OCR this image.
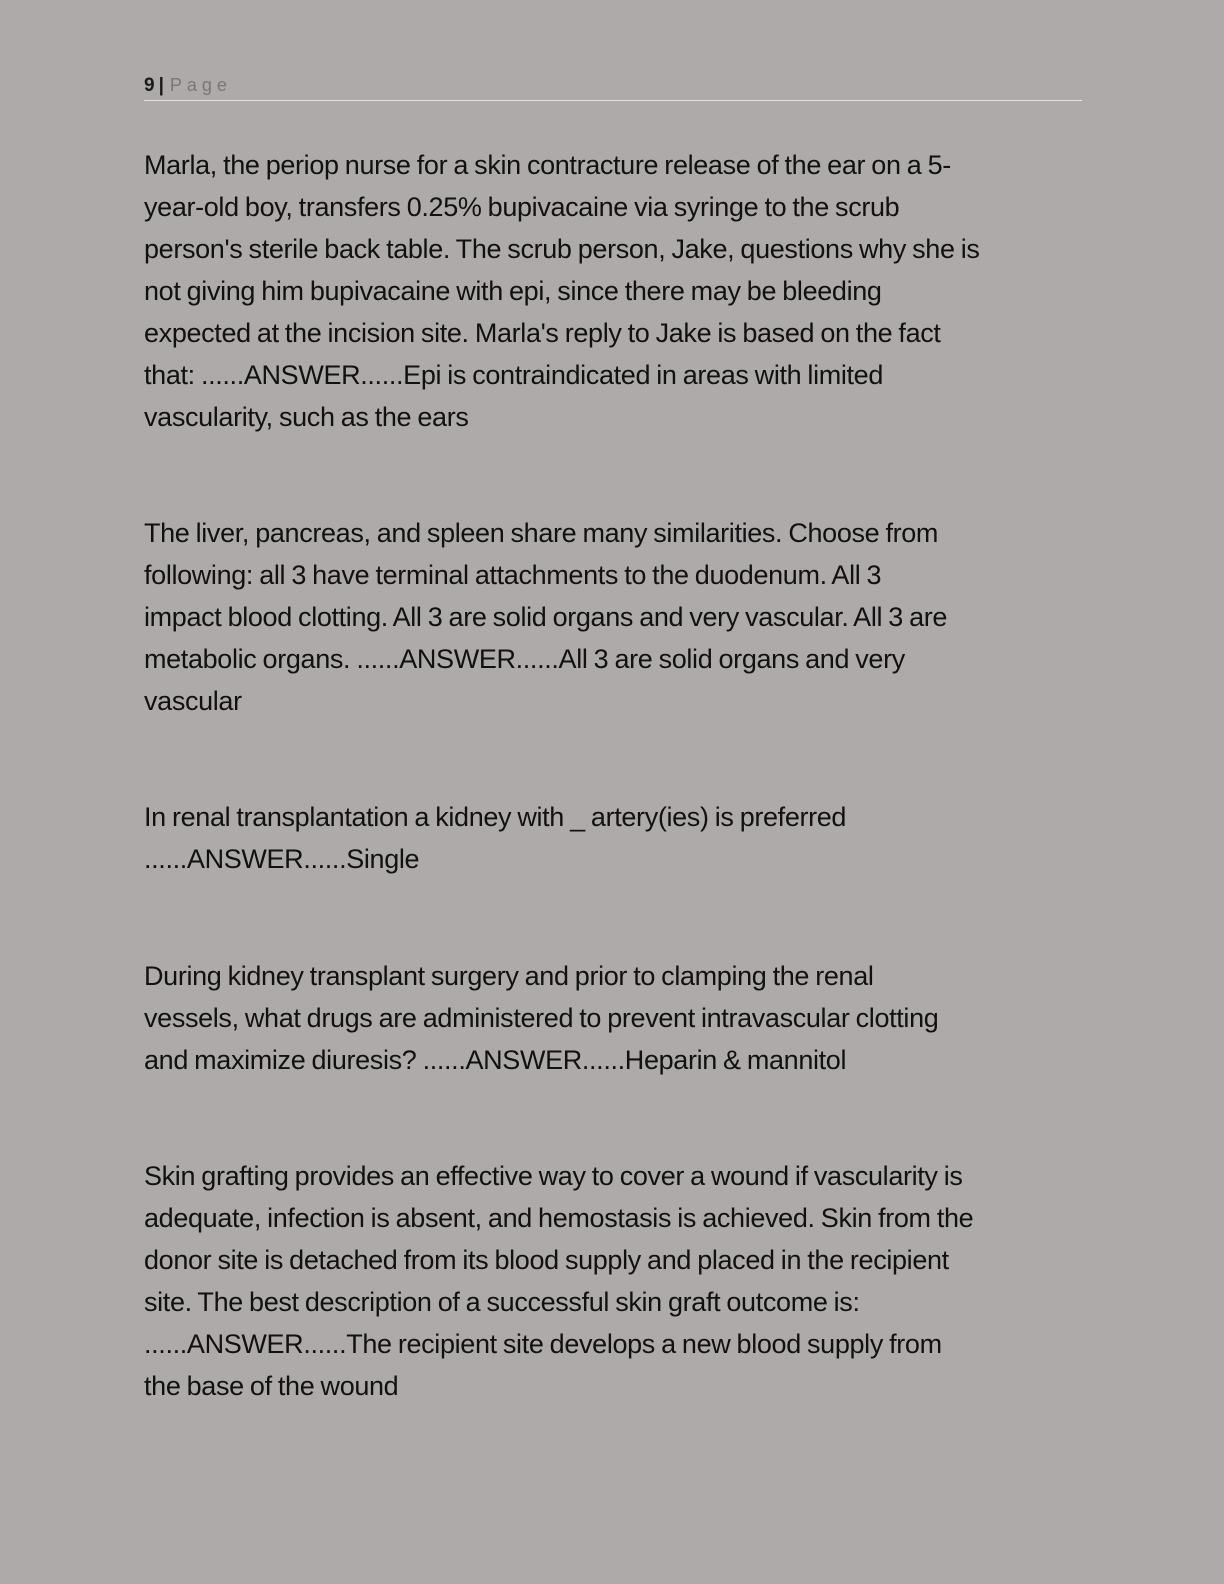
9 | Page

Marla, the periop nurse for a skin contracture release of the ear on a 5-
year-old boy, transfers 0.25% bupivacaine via syringe to the scrub
person's sterile back table. The scrub person, Jake, questions why she is
not giving him bupivacaine with epi, since there may be bleeding
expected at the incision site. Marla's reply to Jake is based on the fact
that: ......ANSWER......Epi is contraindicated in areas with limited
vascularity, such as the ears

The liver, pancreas, and spleen share many similarities. Choose from
following: all 3 have terminal attachments to the duodenum. All 3
impact blood clotting. All 3 are solid organs and very vascular. All 3 are
metabolic organs. ......ANSWER......All 3 are solid organs and very
vascular

In renal transplantation a kidney with _ artery(ies) is preferred
......ANSWER......Single

During kidney transplant surgery and prior to clamping the renal
vessels, what drugs are administered to prevent intravascular clotting
and maximize diuresis? ......ANSWER......Heparin & mannitol

Skin grafting provides an effective way to cover a wound if vascularity is
adequate, infection is absent, and hemostasis is achieved. Skin from the
donor site is detached from its blood supply and placed in the recipient
site. The best description of a successful skin graft outcome is:
......ANSWER......The recipient site develops a new blood supply from
the base of the wound
